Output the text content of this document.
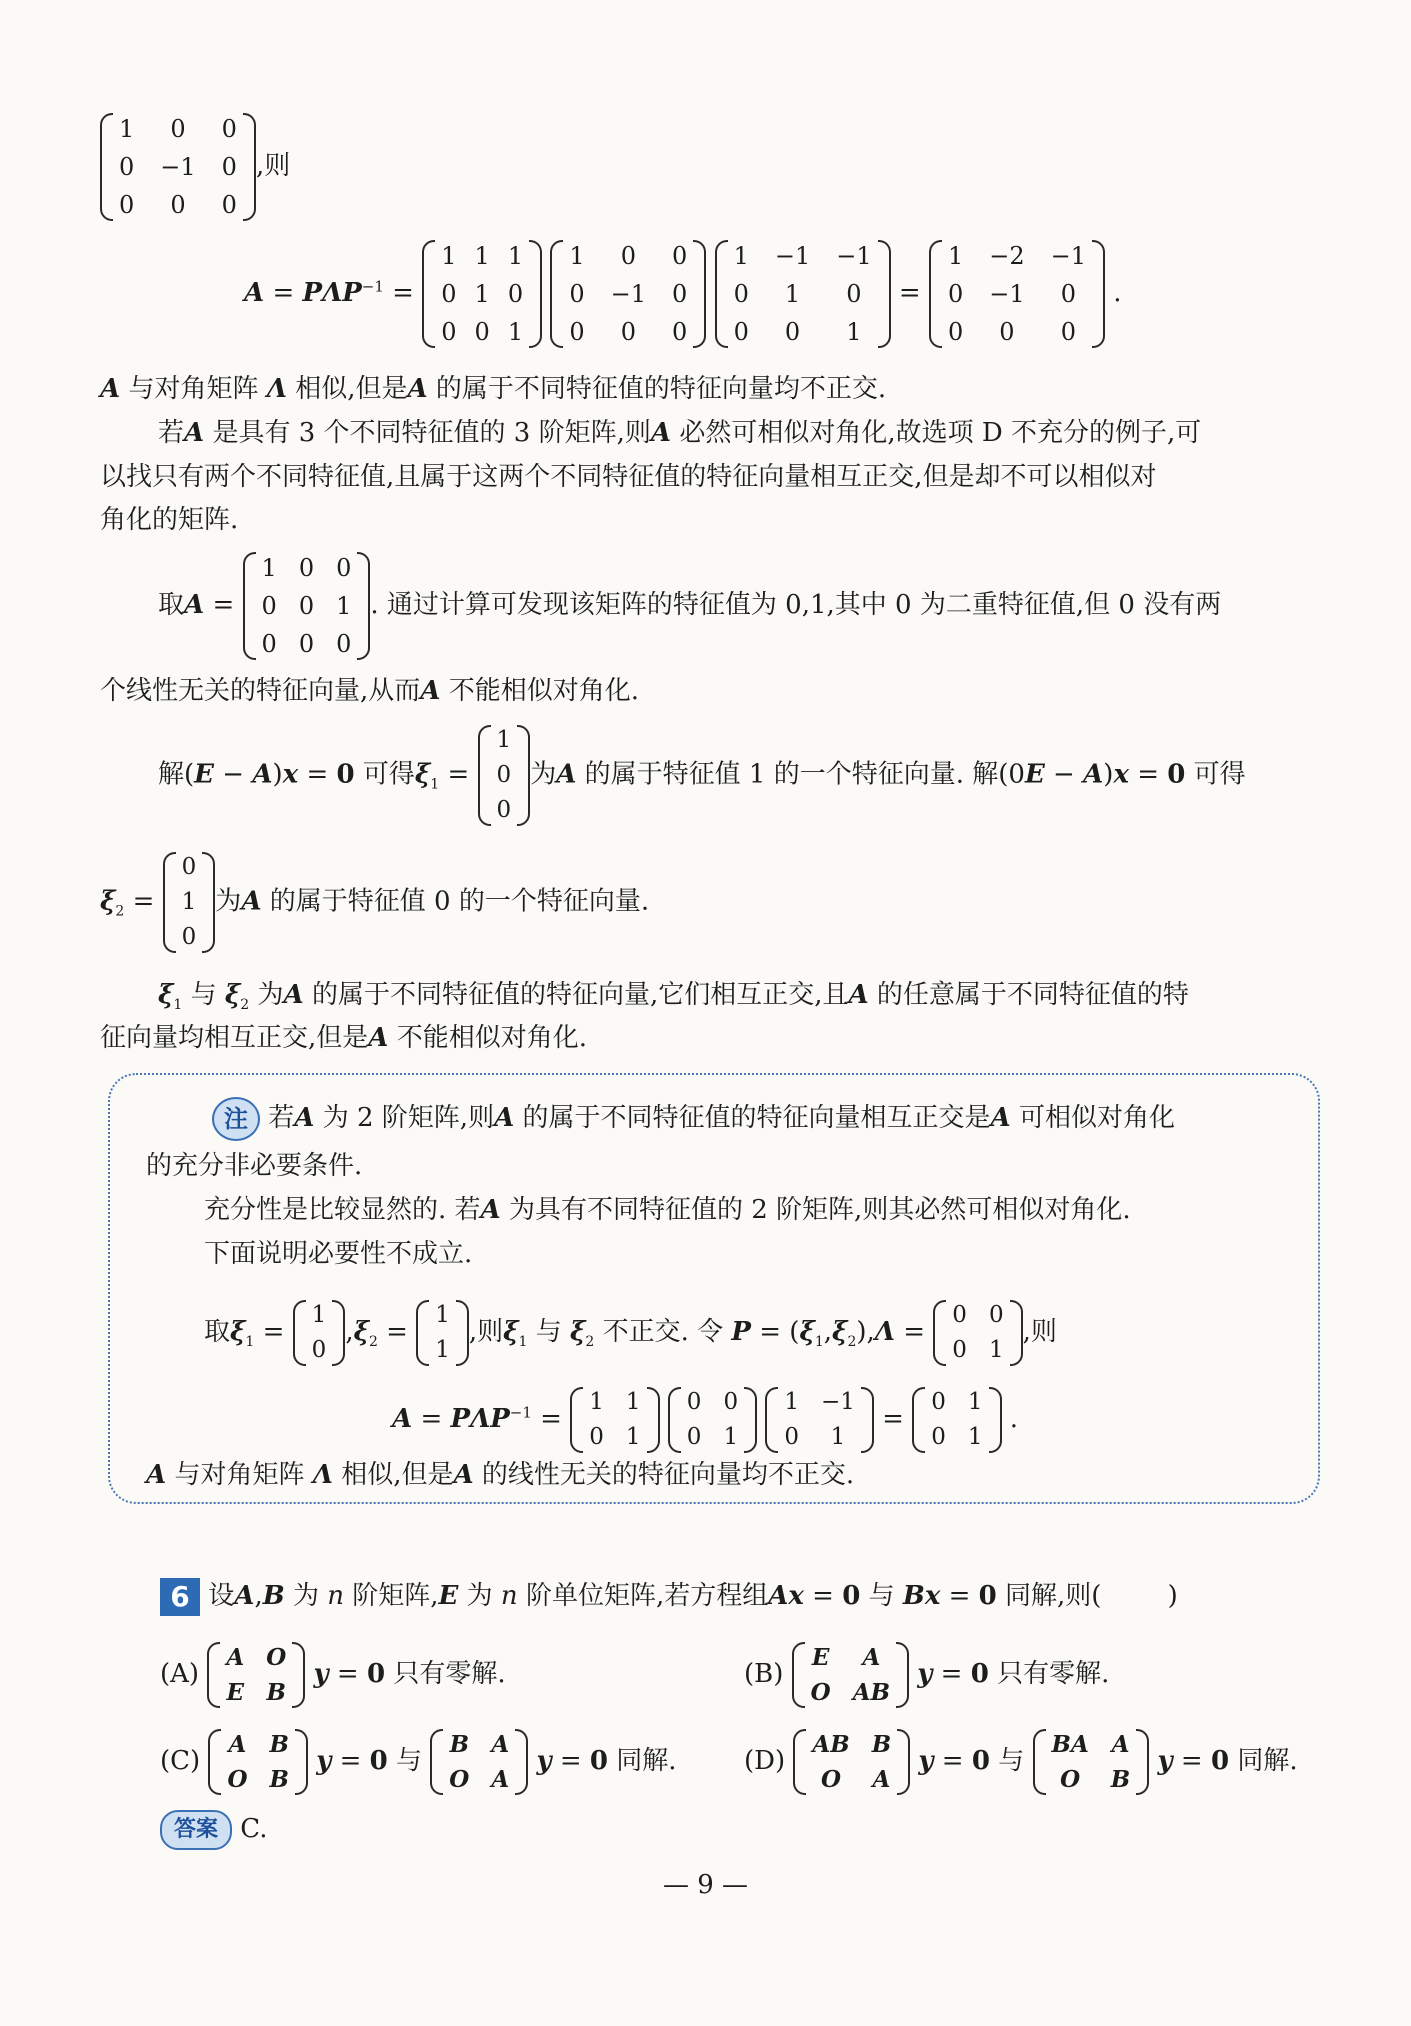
1	0	0
0 −1 0
0	0	0
,则
$A = P\Lambda P^{-1}$ =
1 1 1
0 1 0
0 0 1

1	0	0
0 −1 0
0	0	0

1 −1 −1
0	1	0
0	0	1
=
1 −2 −1
0 −1	0
0	0	0
.
A 与对角矩阵 Λ 相似,但是A 的属于不同特征值的特征向量均不正交.
若A 是具有 3 个不同特征值的 3 阶矩阵,则A 必然可相似对角化,故选项 D 不充分的例子,可
以找只有两个不同特征值,且属于这两个不同特征值的特征向量相互正交,但是却不可以相似对
角化的矩阵.
取A =
1 0 0
0 0 1
0 0 0
. 通过计算可发现该矩阵的特征值为 0,1,其中 0 为二重特征值,但 0 没有两
个线性无关的特征向量,从而A 不能相似对角化.
解(E − A)x = 0 可得$\xi_1$ =
1
0
0
为A 的属于特征值 1 的一个特征向量. 解(0E − A)x = 0 可得
$\xi_2$ =
0
1
0
为A 的属于特征值 0 的一个特征向量.
$\xi_1$ 与 $\xi_2$ 为A 的属于不同特征值的特征向量,它们相互正交,且A 的任意属于不同特征值的特
征向量均相互正交,但是A 不能相似对角化.
注 若A 为 2 阶矩阵,则A 的属于不同特征值的特征向量相互正交是A 可相似对角化
的充分非必要条件.
充分性是比较显然的. 若A 为具有不同特征值的 2 阶矩阵,则其必然可相似对角化.
下面说明必要性不成立.
取$\xi_1$ =
1
0
$,\xi_2$ =
1
1
,则$\xi_1$ 与 $\xi_2$ 不正交. 令 $P = (\xi_1,\xi_2),\Lambda$ =
0 0
0 1
,则
$A = P\Lambda P^{-1}$ =
1 1
0 1

0 0
0 1

1 −1
0	1
=
0 1
0 1
.
A 与对角矩阵 Λ 相似,但是A 的线性无关的特征向量均不正交.
6 设A,B 为 n 阶矩阵,E 为 n 阶单位矩阵,若方程组Ax = 0 与 Bx = 0 同解,则(	)
(A)
A O
E B
y = 0 只有零解.	(B)
E	A
O AB
y = 0 只有零解.
(C)
A B
O B
y = 0 与
B A
O A
y = 0 同解.	(D)
AB B
O	A
y = 0 与
BA A
O	B
y = 0 同解.
答案 C.
— 9 —
